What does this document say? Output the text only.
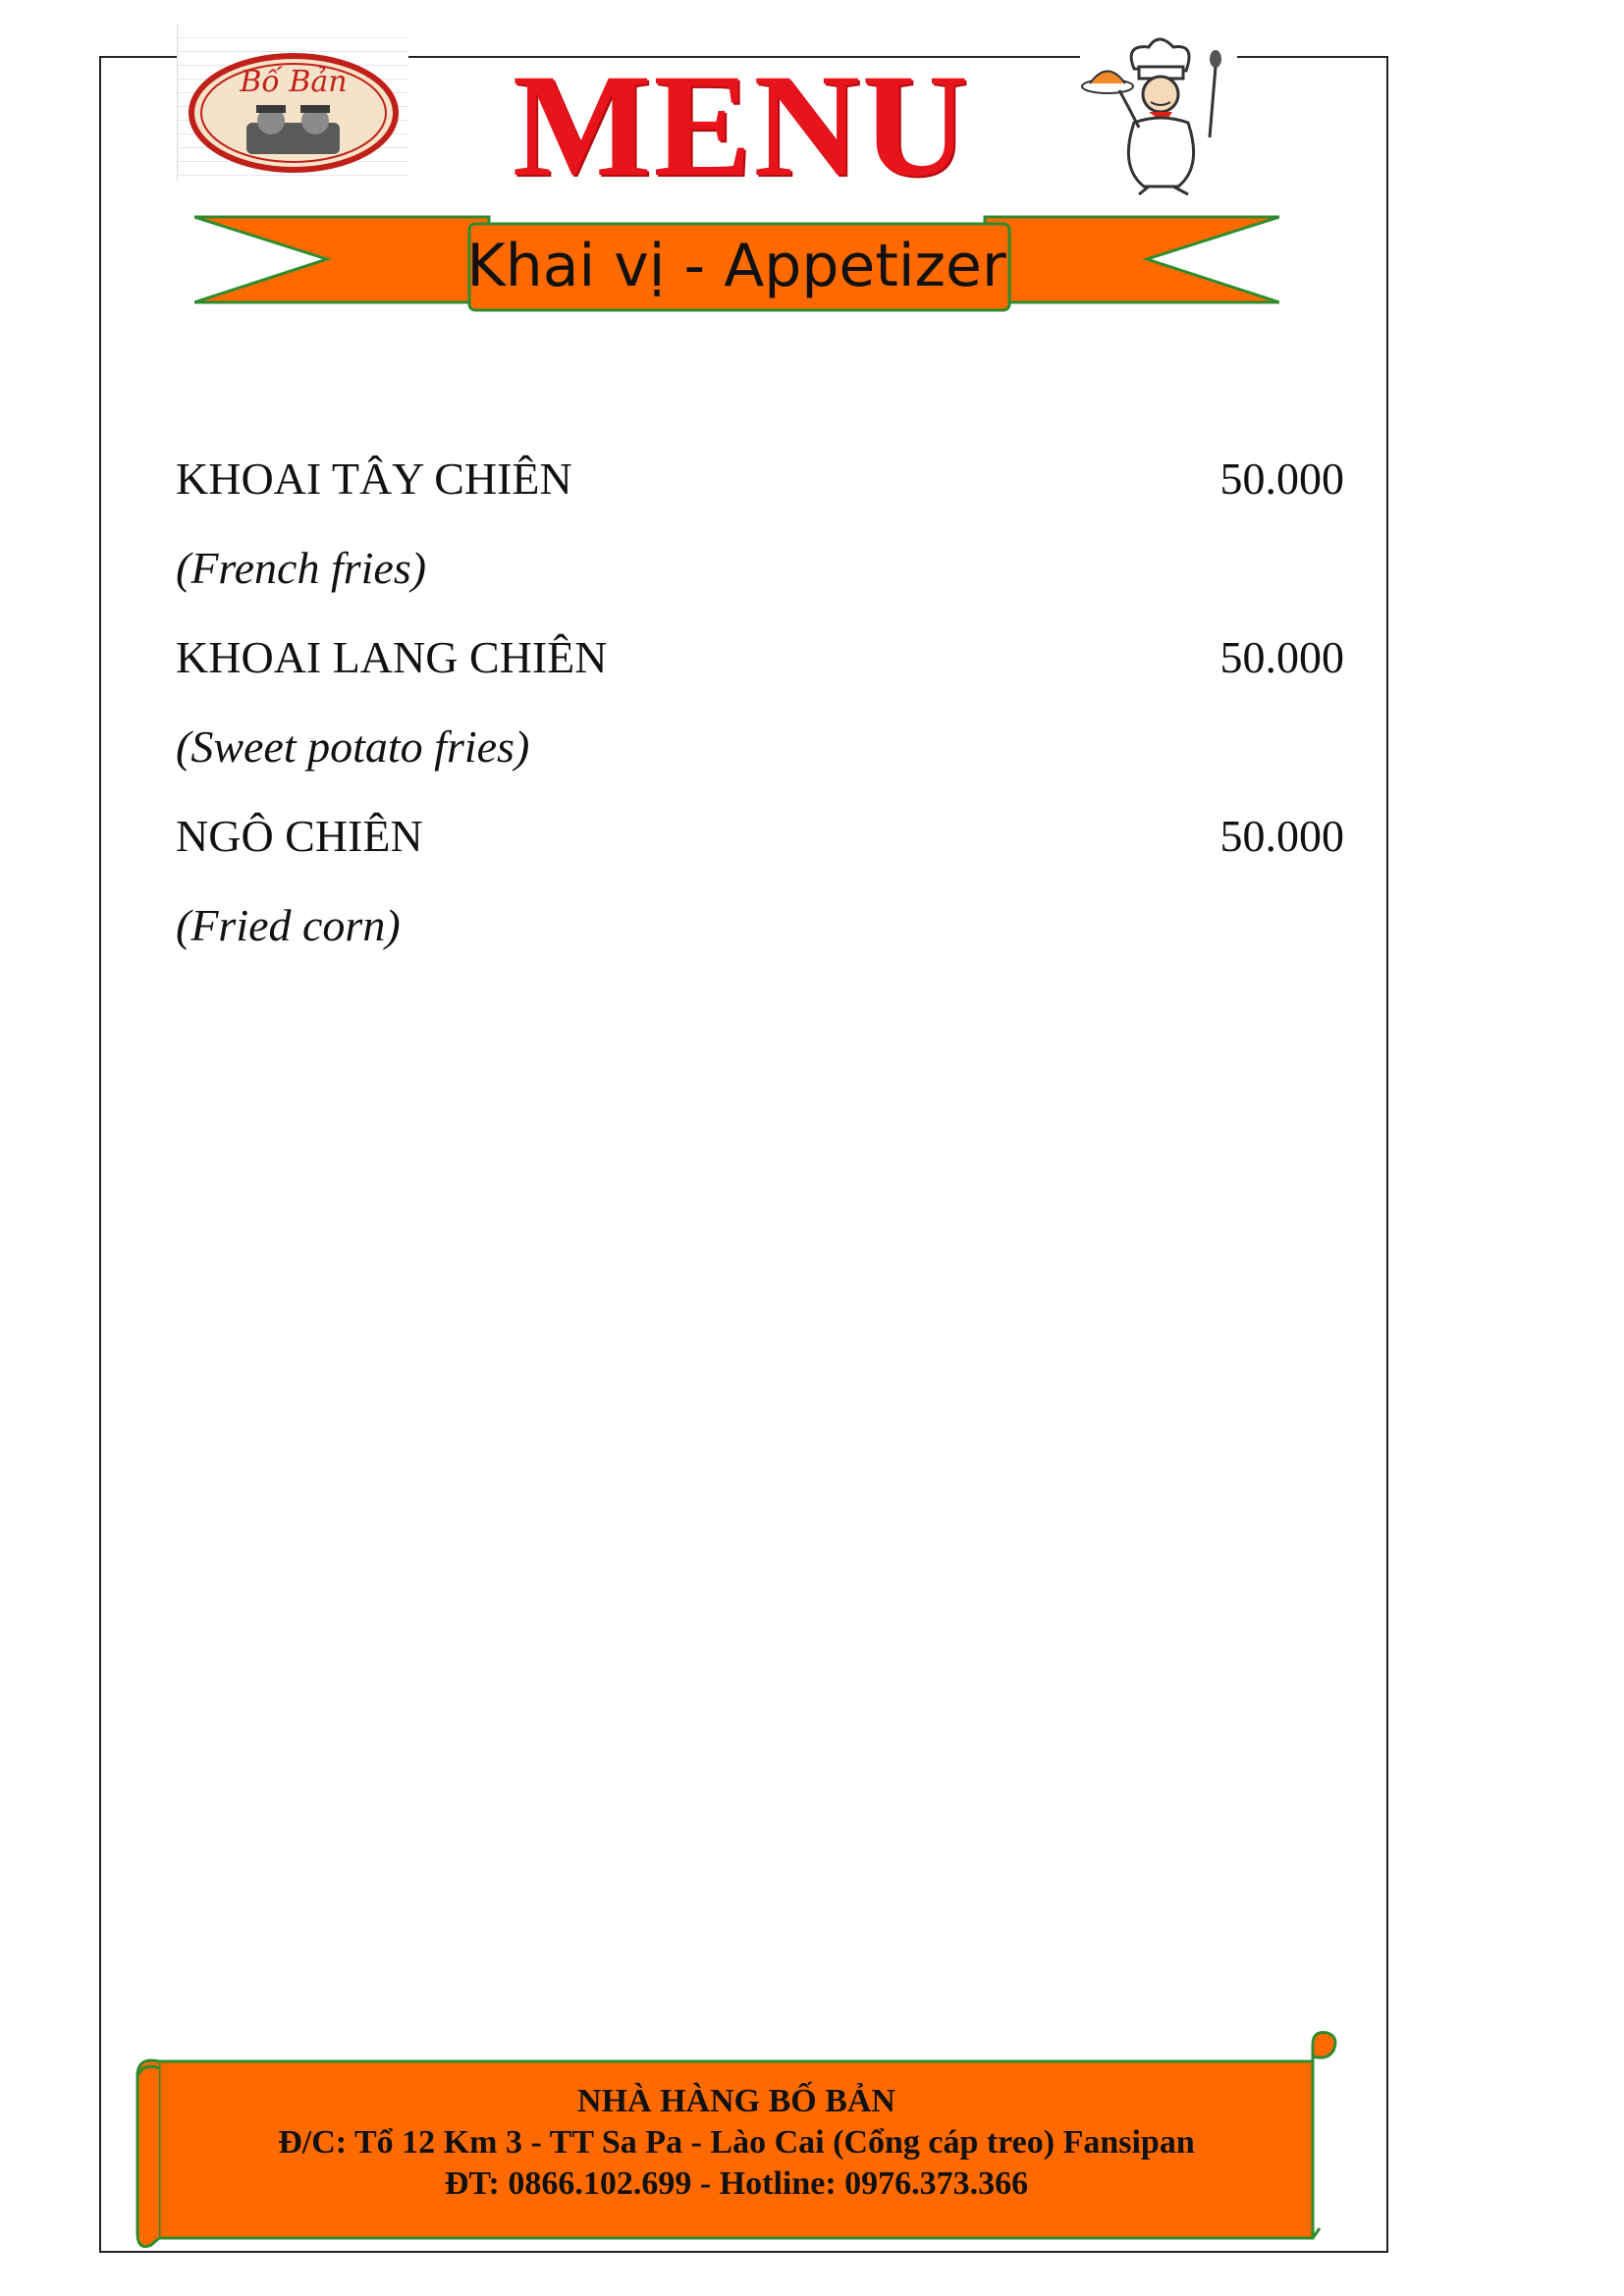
Bố Bản	MENU
Khai vị - Appetizer
KHOAI TÂY CHIÊN	50.000
(French fries)
KHOAI LANG CHIÊN	50.000
(Sweet potato fries)
NGÔ CHIÊN	50.000
(Fried corn)
NHÀ HÀNG BỐ BẢN
Đ/C: Tổ 12 Km 3 - TT Sa Pa - Lào Cai (Cổng cáp treo) Fansipan
ĐT: 0866.102.699 - Hotline: 0976.373.366
